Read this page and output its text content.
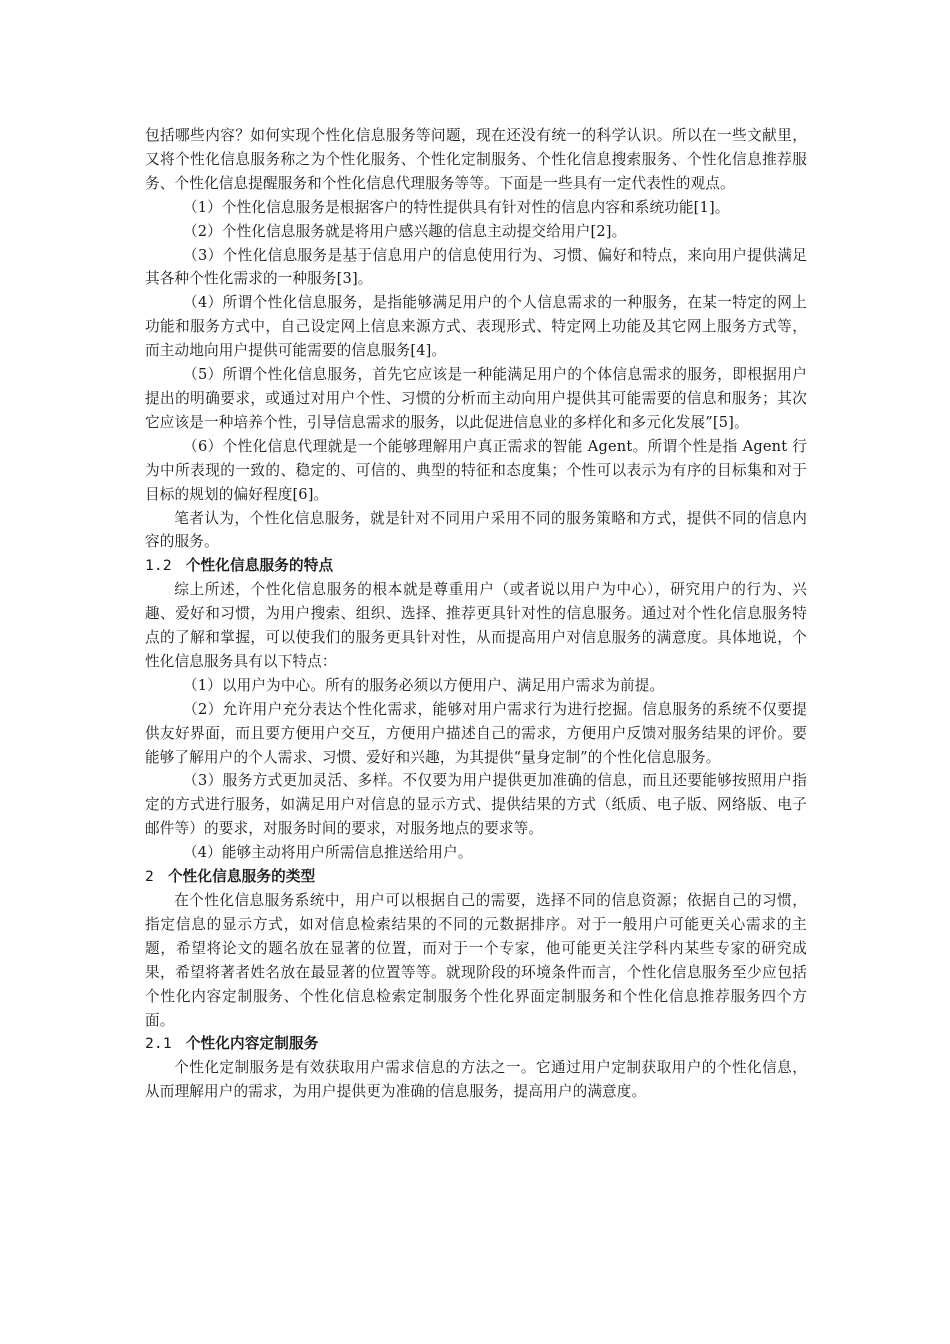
包括哪些内容？如何实现个性化信息服务等问题，现在还没有统一的科学认识。所以在一些文献里，又将个性化信息服务称之为个性化服务、个性化定制服务、个性化信息搜索服务、个性化信息推荐服务、个性化信息提醒服务和个性化信息代理服务等等。下面是一些具有一定代表性的观点。

（1）个性化信息服务是根据客户的特性提供具有针对性的信息内容和系统功能[1]。

（2）个性化信息服务就是将用户感兴趣的信息主动提交给用户[2]。

（3）个性化信息服务是基于信息用户的信息使用行为、习惯、偏好和特点，来向用户提供满足其各种个性化需求的一种服务[3]。

（4）所谓个性化信息服务，是指能够满足用户的个人信息需求的一种服务，在某一特定的网上功能和服务方式中，自己设定网上信息来源方式、表现形式、特定网上功能及其它网上服务方式等，而主动地向用户提供可能需要的信息服务[4]。

（5）所谓个性化信息服务，首先它应该是一种能满足用户的个体信息需求的服务，即根据用户提出的明确要求，或通过对用户个性、习惯的分析而主动向用户提供其可能需要的信息和服务；其次它应该是一种培养个性，引导信息需求的服务，以此促进信息业的多样化和多元化发展”[5]。

（6）个性化信息代理就是一个能够理解用户真正需求的智能 Agent。所谓个性是指 Agent 行为中所表现的一致的、稳定的、可信的、典型的特征和态度集；个性可以表示为有序的目标集和对于目标的规划的偏好程度[6]。

笔者认为，个性化信息服务，就是针对不同用户采用不同的服务策略和方式，提供不同的信息内容的服务。

1.2 个性化信息服务的特点

综上所述，个性化信息服务的根本就是尊重用户（或者说以用户为中心），研究用户的行为、兴趣、爱好和习惯，为用户搜索、组织、选择、推荐更具针对性的信息服务。通过对个性化信息服务特点的了解和掌握，可以使我们的服务更具针对性，从而提高用户对信息服务的满意度。具体地说，个性化信息服务具有以下特点：

（1）以用户为中心。所有的服务必须以方便用户、满足用户需求为前提。

（2）允许用户充分表达个性化需求，能够对用户需求行为进行挖掘。信息服务的系统不仅要提供友好界面，而且要方便用户交互，方便用户描述自己的需求，方便用户反馈对服务结果的评价。要能够了解用户的个人需求、习惯、爱好和兴趣，为其提供“量身定制”的个性化信息服务。

（3）服务方式更加灵活、多样。不仅要为用户提供更加准确的信息，而且还要能够按照用户指定的方式进行服务，如满足用户对信息的显示方式、提供结果的方式（纸质、电子版、网络版、电子邮件等）的要求，对服务时间的要求，对服务地点的要求等。

（4）能够主动将用户所需信息推送给用户。

2 个性化信息服务的类型

在个性化信息服务系统中，用户可以根据自己的需要，选择不同的信息资源；依据自己的习惯，指定信息的显示方式，如对信息检索结果的不同的元数据排序。对于一般用户可能更关心需求的主题，希望将论文的题名放在显著的位置，而对于一个专家，他可能更关注学科内某些专家的研究成果，希望将著者姓名放在最显著的位置等等。就现阶段的环境条件而言，个性化信息服务至少应包括个性化内容定制服务、个性化信息检索定制服务个性化界面定制服务和个性化信息推荐服务四个方面。

2.1 个性化内容定制服务

个性化定制服务是有效获取用户需求信息的方法之一。它通过用户定制获取用户的个性化信息，从而理解用户的需求，为用户提供更为准确的信息服务，提高用户的满意度。
